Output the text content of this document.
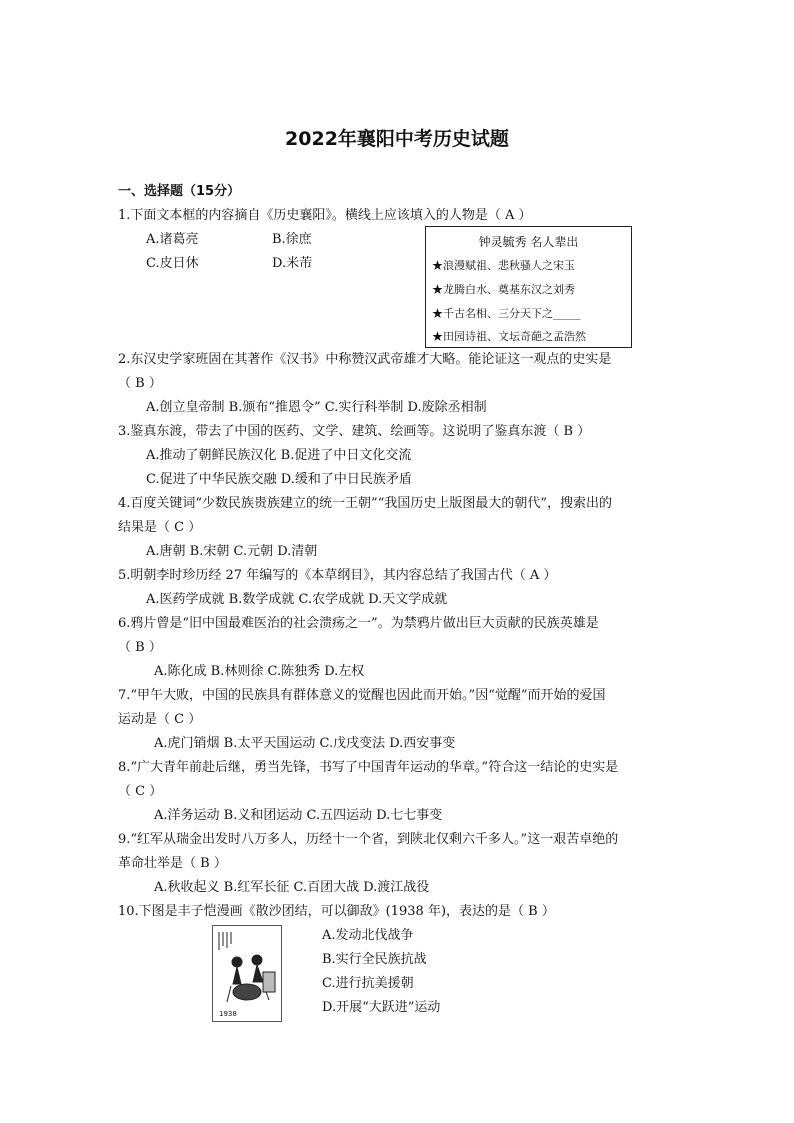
2022年襄阳中考历史试题
一、选择题（15分）
1.下面文本框的内容摘自《历史襄阳》。横线上应该填入的人物是（ A ）
A.诸葛亮	B.徐庶
C.皮日休	D.米芾
钟灵毓秀 名人辈出
★浪漫赋祖、悲秋骚人之宋玉
★龙腾白水、奠基东汉之刘秀
★千古名相、三分天下之_____
★田园诗祖、文坛奇葩之孟浩然
2.东汉史学家班固在其著作《汉书》中称赞汉武帝雄才大略。能论证这一观点的史实是
（ B ）
A.创立皇帝制 B.颁布“推恩令” C.实行科举制 D.废除丞相制
3.鉴真东渡，带去了中国的医药、文学、建筑、绘画等。这说明了鉴真东渡（ B ）
A.推动了朝鲜民族汉化 B.促进了中日文化交流
C.促进了中华民族交融 D.缓和了中日民族矛盾
4.百度关键词“少数民族贵族建立的统一王朝”“我国历史上版图最大的朝代”，搜索出的
结果是（ C ）
A.唐朝 B.宋朝 C.元朝 D.清朝
5.明朝李时珍历经 27 年编写的《本草纲目》，其内容总结了我国古代（ A ）
A.医药学成就 B.数学成就 C.农学成就 D.天文学成就
6.鸦片曾是“旧中国最难医治的社会溃疡之一”。为禁鸦片做出巨大贡献的民族英雄是
（ B ）
A.陈化成 B.林则徐 C.陈独秀 D.左权
7.“甲午大败，中国的民族具有群体意义的觉醒也因此而开始。”因“觉醒”而开始的爱国
运动是（ C ）
A.虎门销烟 B.太平天国运动 C.戊戌变法 D.西安事变
8.“广大青年前赴后继，勇当先锋，书写了中国青年运动的华章。”符合这一结论的史实是
（ C ）
A.洋务运动 B.义和团运动 C.五四运动 D.七七事变
9.“红军从瑞金出发时八万多人，历经十一个省，到陕北仅剩六千多人。”这一艰苦卓绝的
革命壮举是（ B ）
A.秋收起义 B.红军长征 C.百团大战 D.渡江战役
10.下图是丰子恺漫画《散沙团结，可以御敌》(1938 年)，表达的是（ B ）
1938
A.发动北伐战争
B.实行全民族抗战
C.进行抗美援朝
D.开展“大跃进”运动
